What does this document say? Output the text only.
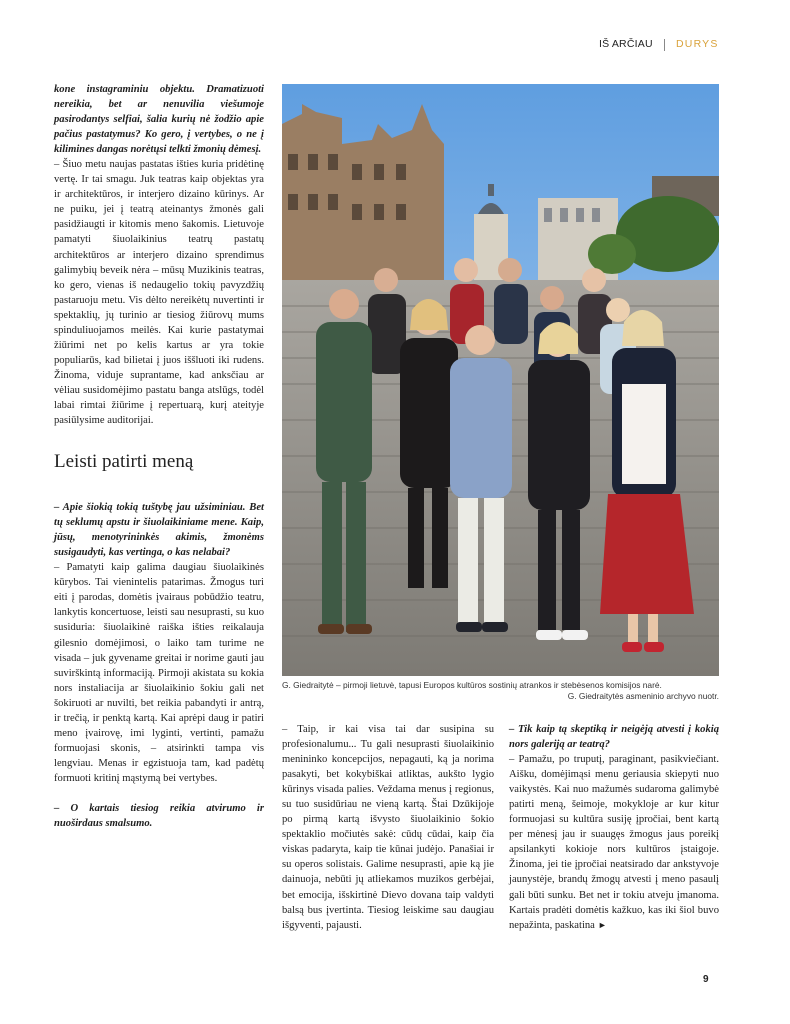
IŠ ARČIAU DURYS

kone instagraminiu objektu. Dramatizuoti nereikia, bet ar nenuvilia viešumoje pasirodantys selfiai, šalia kurių nė žodžio apie pačius pastatymus? Ko gero, į vertybes, o ne į kilimines dangas norėtųsi telkti žmonių dėmesį.

– Šiuo metu naujas pastatas išties kuria pridėtinę vertę. Ir tai smagu. Juk teatras kaip objektas yra ir architektūros, ir interjero dizaino kūrinys. Ar ne puiku, jei į teatrą ateinantys žmonės gali pasidžiaugti ir kitomis meno šakomis. Lietuvoje pamatyti šiuolaikinius teatrų pastatų architektūros ar interjero dizaino sprendimus galimybių beveik nėra – mūsų Muzikinis teatras, ko gero, vienas iš nedaugelio tokių pavyzdžių pastaruoju metu. Vis dėlto nereikėtų nuvertinti ir spektaklių, jų turinio ar tiesiog žiūrovų mums spinduliuojamos meilės. Kai kurie pastatymai žiūrimi net po kelis kartus ar yra tokie populiarūs, kad bilietai į juos iššluoti iki rudens. Žinoma, viduje suprantame, kad anksčiau ar vėliau susidomėjimo pastatu banga atslūgs, todėl labai rimtai žiūrime į repertuarą, kurį ateityje pasiūlysime auditorijai.

Leisti patirti meną

– Apie šiokią tokią tuštybę jau užsiminiau. Bet tų seklumų apstu ir šiuolaikiniame mene. Kaip, jūsų, menotyrininkės akimis, žmonėms susigaudyti, kas vertinga, o kas nelabai?

– Pamatyti kaip galima daugiau šiuolaikinės kūrybos. Tai vienintelis patarimas. Žmogus turi eiti į parodas, domėtis įvairaus pobūdžio teatru, lankytis koncertuose, leisti sau nesuprasti, su kuo susiduria: šiuolaikinė raiška išties reikalauja gilesnio domėjimosi, o laiko tam turime ne visada – juk gyvename greitai ir norime gauti jau suvirškintą informaciją. Pirmoji akistata su kokia nors instaliacija ar šiuolaikinio šokiu gali net šokiruoti ar nuvilti, bet reikia pabandyti ir antrą, ir trečią, ir penktą kartą. Kai aprėpi daug ir patiri meno įvairovę, imi lyginti, vertinti, pamažu formuojasi skonis, – atsirinkti tampa vis lengviau. Menas ir egzistuoja tam, kad padėtų formuoti kritinį mąstymą bei vertybes.

– O kartais tiesiog reikia atvirumo ir nuoširdaus smalsumo.

G. Giedraitytė – pirmoji lietuvė, tapusi Europos kultūros sostinių atrankos ir stebėsenos komisijos narė.
G. Giedraitytės asmeninio archyvo nuotr.

– Taip, ir kai visa tai dar susipina su profesionalumu... Tu gali nesuprasti šiuolaikinio menininko koncepcijos, nepagauti, ką ja norima pasakyti, bet kokybiškai atliktas, aukšto lygio kūrinys visada palies. Veždama menus į regionus, su tuo susidūriau ne vieną kartą. Štai Dzūkijoje po pirmą kartą išvysto šiuolaikinio šokio spektaklio močiutės sakė: cūdų cūdai, kaip čia viskas padaryta, kaip tie kūnai judėjo. Panašiai ir su operos solistais. Galime nesuprasti, apie ką jie dainuoja, nebūti jų atliekamos muzikos gerbėjai, bet emocija, išskirtinė Dievo dovana taip valdyti balsą bus įvertinta. Tiesiog leiskime sau daugiau išgyventi, pajausti.

– Tik kaip tą skeptiką ir neigėją atvesti į kokią nors galeriją ar teatrą?

– Pamažu, po truputį, paraginant, pasikviečiant. Aišku, domėjimąsi menu geriausia skiepyti nuo vaikystės. Kai nuo mažumės sudaroma galimybė patirti meną, šeimoje, mokykloje ar kur kitur formuojasi su kultūra susiję įpročiai, bent kartą per mėnesį jau ir suaugęs žmogus jaus poreikį apsilankyti kokioje nors kultūros įstaigoje. Žinoma, jei tie įpročiai neatsirado dar ankstyvoje jaunystėje, brandų žmogų atvesti į meno pasaulį gali būti sunku. Bet net ir tokiu atveju įmanoma. Kartais pradėti domėtis kažkuo, kas iki šiol buvo nepažinta, paskatina ►

9
